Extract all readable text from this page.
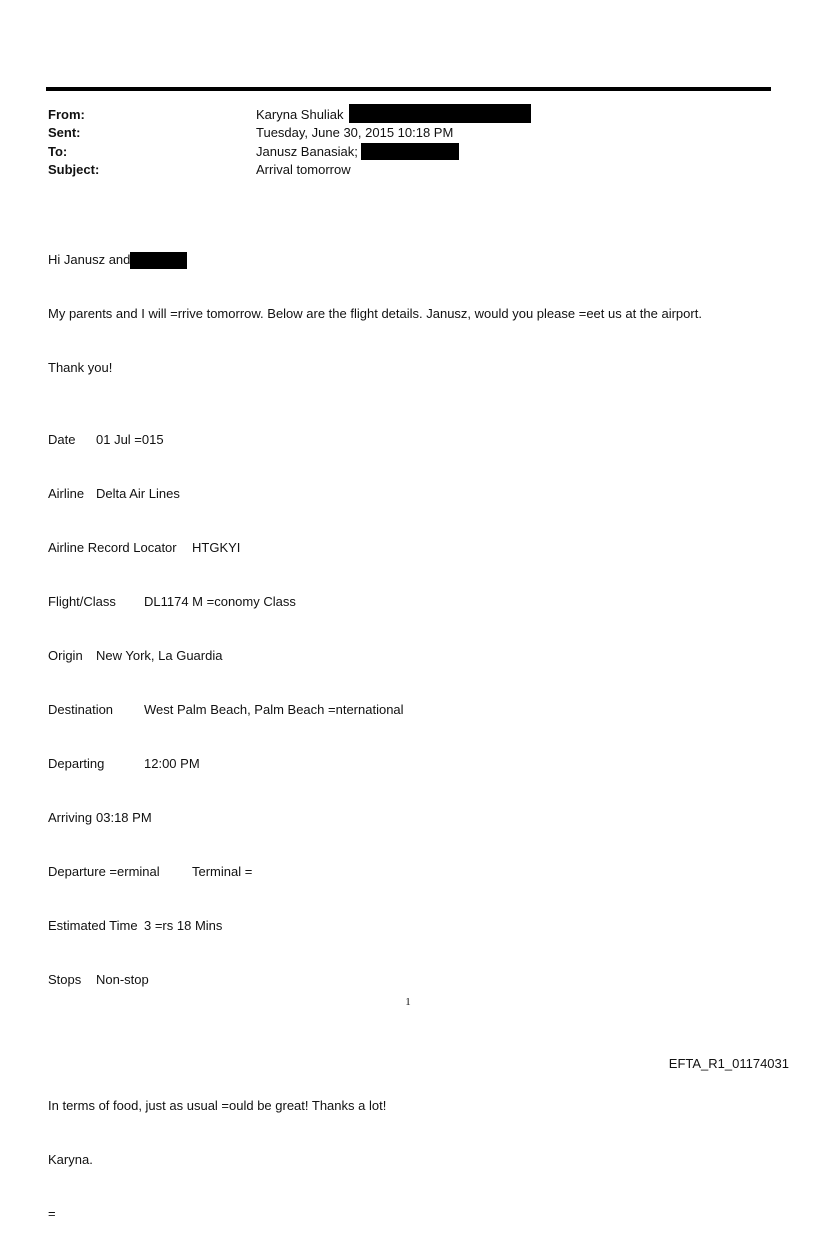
From:	Karyna Shuliak
Sent:	Tuesday, June 30, 2015 10:18 PM
To:	Janusz Banasiak;
Subject:	Arrival tomorrow

Hi Janusz and

My parents and I will =rrive tomorrow. Below are the flight details. Janusz, would you please =eet us at the airport.

Thank you!

Date	01 Jul =015

Airline Delta Air Lines

Airline Record Locator	HTGKYI

Flight/Class	DL1174 M =conomy Class

Origin	New York, La Guardia

Destination	West Palm Beach, Palm Beach =nternational

Departing	12:00 PM

Arriving 03:18 PM

Departure =erminal	Terminal =

Estimated Time 3 =rs 18 Mins

Stops	Non-stop

In terms of food, just as usual =ould be great! Thanks a lot!

Karyna.

=

1
EFTA_R1_01174031
